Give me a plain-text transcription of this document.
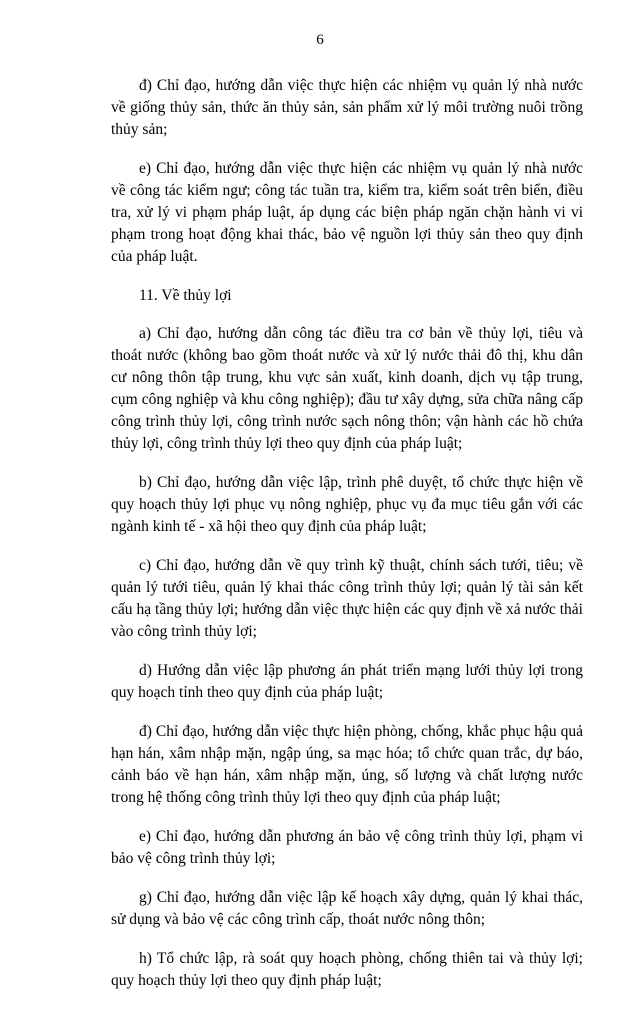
6

đ) Chỉ đạo, hướng dẫn việc thực hiện các nhiệm vụ quản lý nhà nước về giống thủy sản, thức ăn thủy sản, sản phẩm xử lý môi trường nuôi trồng thủy sản;

e) Chỉ đạo, hướng dẫn việc thực hiện các nhiệm vụ quản lý nhà nước về công tác kiểm ngư; công tác tuần tra, kiểm tra, kiểm soát trên biển, điều tra, xử lý vi phạm pháp luật, áp dụng các biện pháp ngăn chặn hành vi vi phạm trong hoạt động khai thác, bảo vệ nguồn lợi thủy sản theo quy định của pháp luật.

11. Về thủy lợi

a) Chỉ đạo, hướng dẫn công tác điều tra cơ bản về thủy lợi, tiêu và thoát nước (không bao gồm thoát nước và xử lý nước thải đô thị, khu dân cư nông thôn tập trung, khu vực sản xuất, kinh doanh, dịch vụ tập trung, cụm công nghiệp và khu công nghiệp); đầu tư xây dựng, sửa chữa nâng cấp công trình thủy lợi, công trình nước sạch nông thôn; vận hành các hồ chứa thủy lợi, công trình thủy lợi theo quy định của pháp luật;

b) Chỉ đạo, hướng dẫn việc lập, trình phê duyệt, tổ chức thực hiện về quy hoạch thủy lợi phục vụ nông nghiệp, phục vụ đa mục tiêu gắn với các ngành kinh tế - xã hội theo quy định của pháp luật;

c) Chỉ đạo, hướng dẫn về quy trình kỹ thuật, chính sách tưới, tiêu; về quản lý tưới tiêu, quản lý khai thác công trình thủy lợi; quản lý tài sản kết cấu hạ tầng thủy lợi; hướng dẫn việc thực hiện các quy định về xả nước thải vào công trình thủy lợi;

d) Hướng dẫn việc lập phương án phát triển mạng lưới thủy lợi trong quy hoạch tỉnh theo quy định của pháp luật;

đ) Chỉ đạo, hướng dẫn việc thực hiện phòng, chống, khắc phục hậu quả hạn hán, xâm nhập mặn, ngập úng, sa mạc hóa; tổ chức quan trắc, dự báo, cảnh báo về hạn hán, xâm nhập mặn, úng, số lượng và chất lượng nước trong hệ thống công trình thủy lợi theo quy định của pháp luật;

e) Chỉ đạo, hướng dẫn phương án bảo vệ công trình thủy lợi, phạm vi bảo vệ công trình thủy lợi;

g) Chỉ đạo, hướng dẫn việc lập kế hoạch xây dựng, quản lý khai thác, sử dụng và bảo vệ các công trình cấp, thoát nước nông thôn;

h) Tổ chức lập, rà soát quy hoạch phòng, chống thiên tai và thủy lợi; quy hoạch thủy lợi theo quy định pháp luật;
